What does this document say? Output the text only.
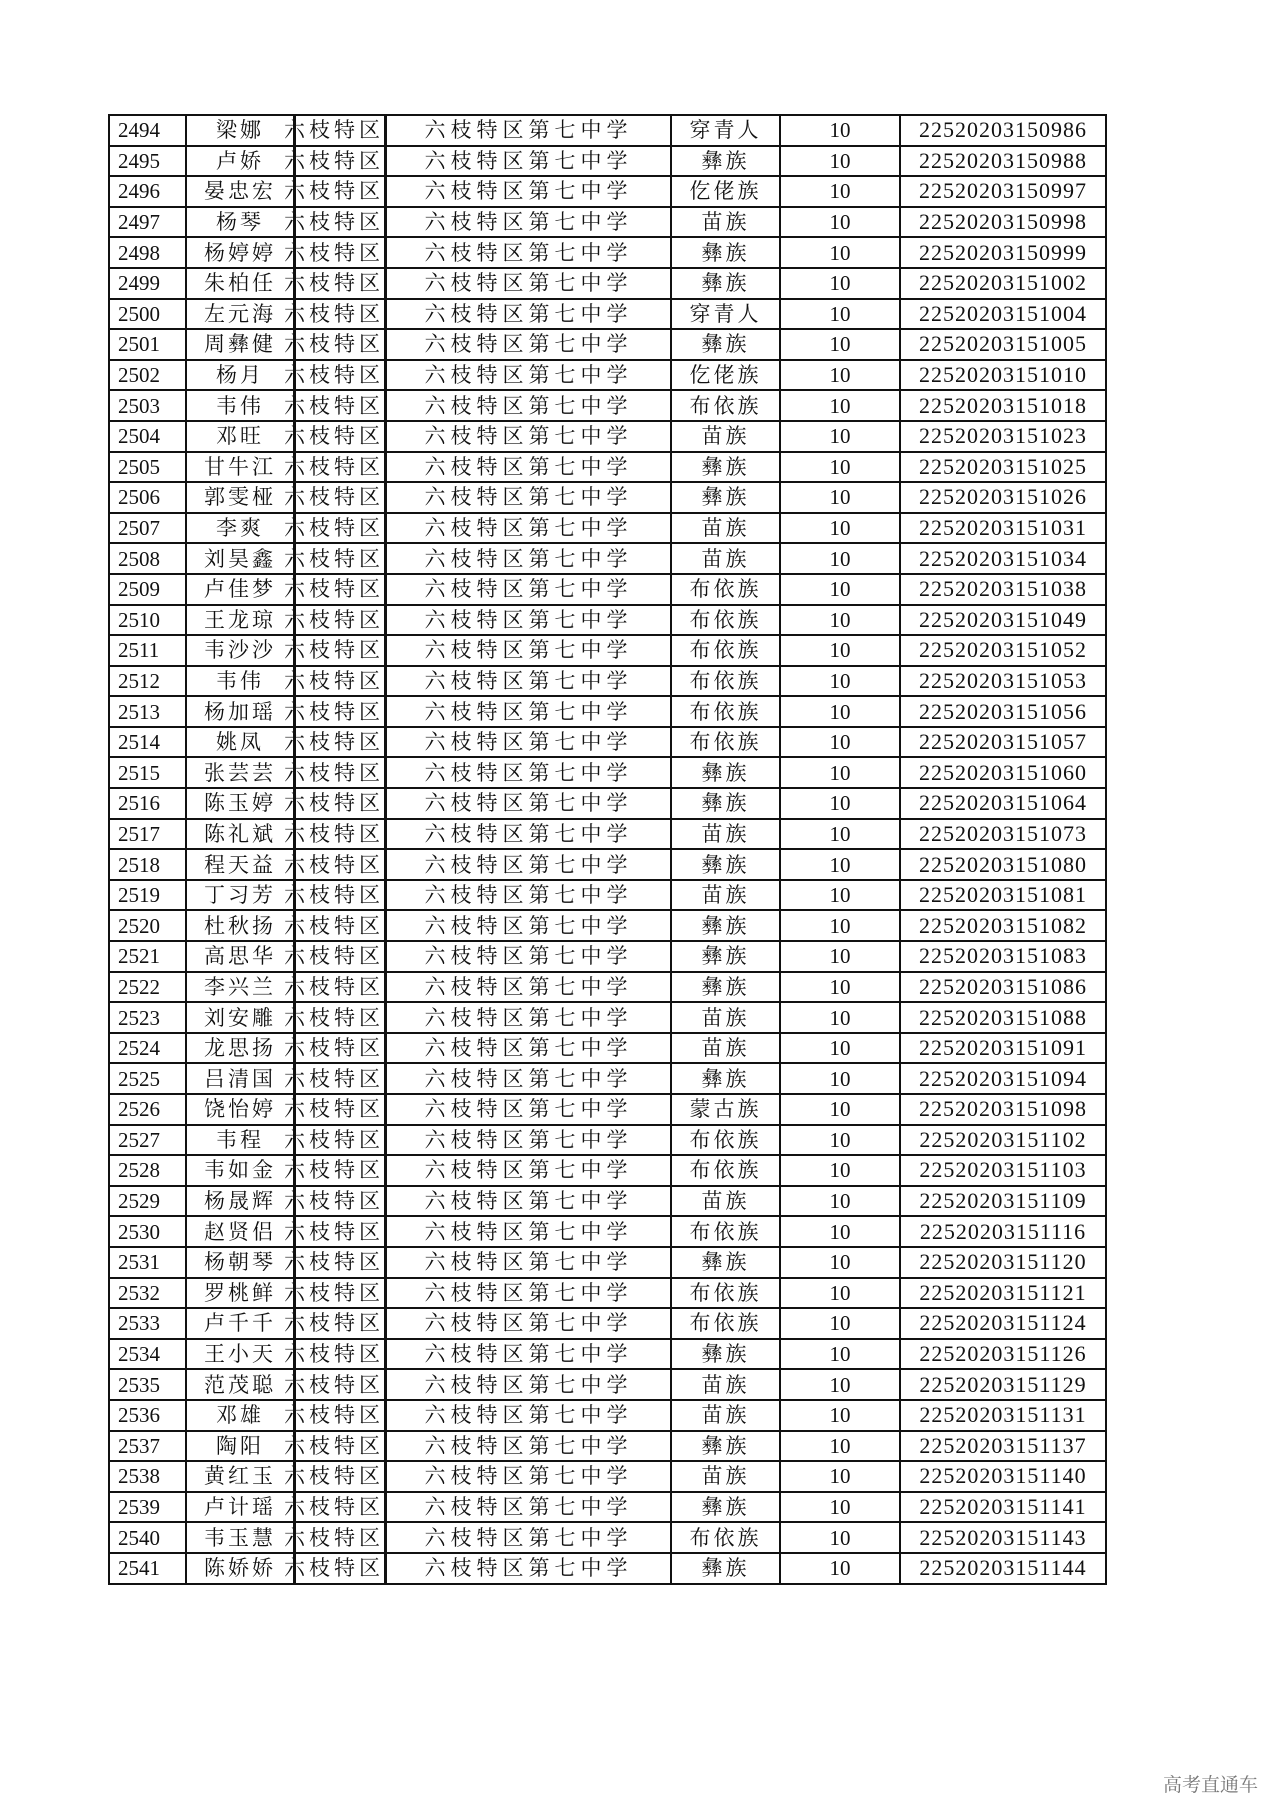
2494	梁娜	六枝特区	六枝特区第七中学	穿青人	10	22520203150986
2495	卢娇	六枝特区	六枝特区第七中学	彝族	10	22520203150988
2496	晏忠宏	六枝特区	六枝特区第七中学	仡佬族	10	22520203150997
2497	杨琴	六枝特区	六枝特区第七中学	苗族	10	22520203150998
2498	杨婷婷	六枝特区	六枝特区第七中学	彝族	10	22520203150999
2499	朱柏任	六枝特区	六枝特区第七中学	彝族	10	22520203151002
2500	左元海	六枝特区	六枝特区第七中学	穿青人	10	22520203151004
2501	周彝健	六枝特区	六枝特区第七中学	彝族	10	22520203151005
2502	杨月	六枝特区	六枝特区第七中学	仡佬族	10	22520203151010
2503	韦伟	六枝特区	六枝特区第七中学	布依族	10	22520203151018
2504	邓旺	六枝特区	六枝特区第七中学	苗族	10	22520203151023
2505	甘牛江	六枝特区	六枝特区第七中学	彝族	10	22520203151025
2506	郭雯桠	六枝特区	六枝特区第七中学	彝族	10	22520203151026
2507	李爽	六枝特区	六枝特区第七中学	苗族	10	22520203151031
2508	刘昊鑫	六枝特区	六枝特区第七中学	苗族	10	22520203151034
2509	卢佳梦	六枝特区	六枝特区第七中学	布依族	10	22520203151038
2510	王龙琼	六枝特区	六枝特区第七中学	布依族	10	22520203151049
2511	韦沙沙	六枝特区	六枝特区第七中学	布依族	10	22520203151052
2512	韦伟	六枝特区	六枝特区第七中学	布依族	10	22520203151053
2513	杨加瑶	六枝特区	六枝特区第七中学	布依族	10	22520203151056
2514	姚凤	六枝特区	六枝特区第七中学	布依族	10	22520203151057
2515	张芸芸	六枝特区	六枝特区第七中学	彝族	10	22520203151060
2516	陈玉婷	六枝特区	六枝特区第七中学	彝族	10	22520203151064
2517	陈礼斌	六枝特区	六枝特区第七中学	苗族	10	22520203151073
2518	程天益	六枝特区	六枝特区第七中学	彝族	10	22520203151080
2519	丁习芳	六枝特区	六枝特区第七中学	苗族	10	22520203151081
2520	杜秋扬	六枝特区	六枝特区第七中学	彝族	10	22520203151082
2521	高思华	六枝特区	六枝特区第七中学	彝族	10	22520203151083
2522	李兴兰	六枝特区	六枝特区第七中学	彝族	10	22520203151086
2523	刘安雕	六枝特区	六枝特区第七中学	苗族	10	22520203151088
2524	龙思扬	六枝特区	六枝特区第七中学	苗族	10	22520203151091
2525	吕清国	六枝特区	六枝特区第七中学	彝族	10	22520203151094
2526	饶怡婷	六枝特区	六枝特区第七中学	蒙古族	10	22520203151098
2527	韦程	六枝特区	六枝特区第七中学	布依族	10	22520203151102
2528	韦如金	六枝特区	六枝特区第七中学	布依族	10	22520203151103
2529	杨晟辉	六枝特区	六枝特区第七中学	苗族	10	22520203151109
2530	赵贤侣	六枝特区	六枝特区第七中学	布依族	10	22520203151116
2531	杨朝琴	六枝特区	六枝特区第七中学	彝族	10	22520203151120
2532	罗桃鲜	六枝特区	六枝特区第七中学	布依族	10	22520203151121
2533	卢千千	六枝特区	六枝特区第七中学	布依族	10	22520203151124
2534	王小天	六枝特区	六枝特区第七中学	彝族	10	22520203151126
2535	范茂聪	六枝特区	六枝特区第七中学	苗族	10	22520203151129
2536	邓雄	六枝特区	六枝特区第七中学	苗族	10	22520203151131
2537	陶阳	六枝特区	六枝特区第七中学	彝族	10	22520203151137
2538	黄红玉	六枝特区	六枝特区第七中学	苗族	10	22520203151140
2539	卢计瑶	六枝特区	六枝特区第七中学	彝族	10	22520203151141
2540	韦玉慧	六枝特区	六枝特区第七中学	布依族	10	22520203151143
2541	陈娇娇	六枝特区	六枝特区第七中学	彝族	10	22520203151144
高考直通车
